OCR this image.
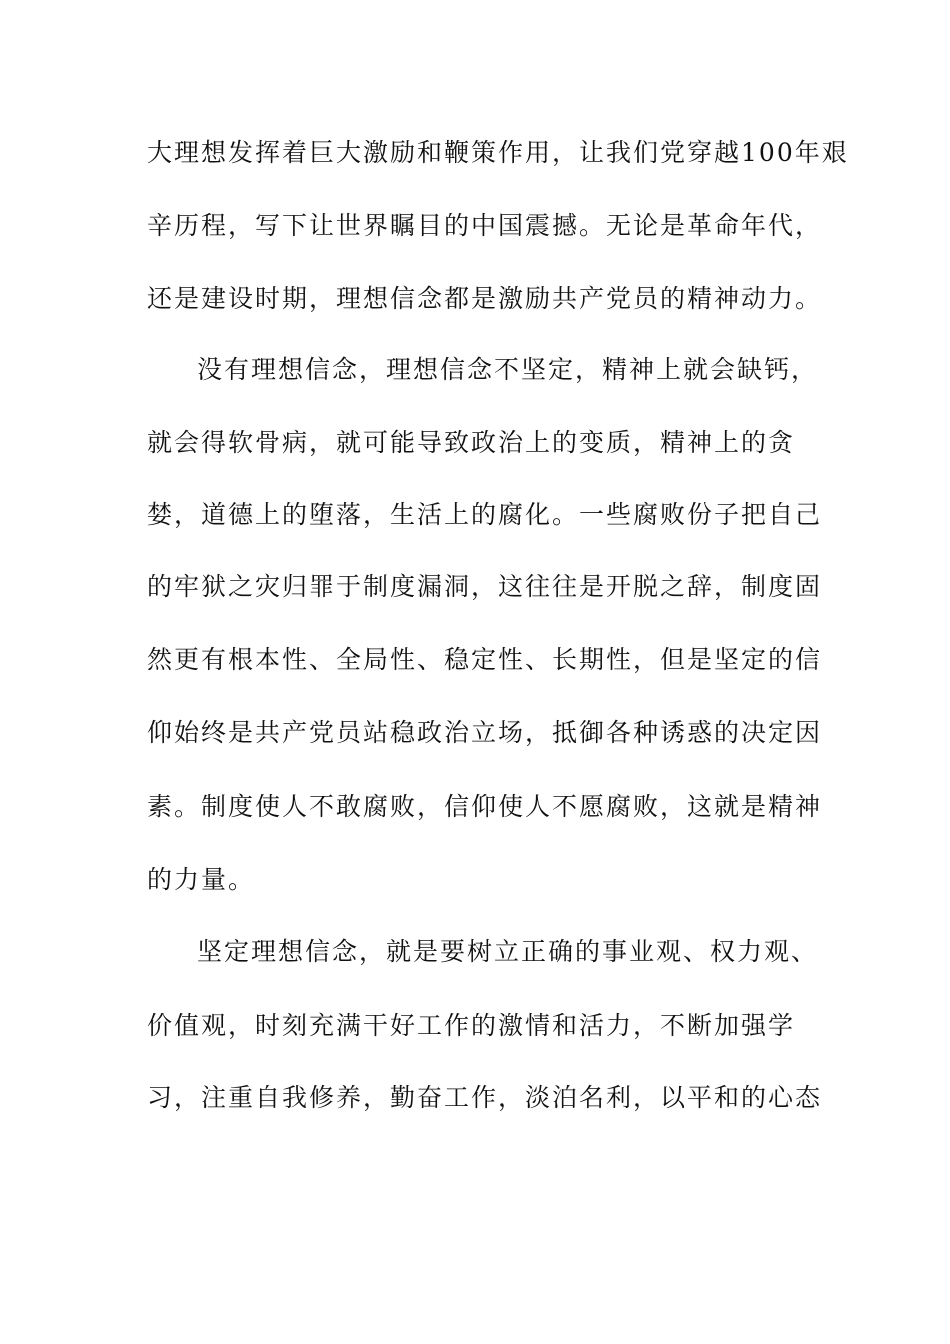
大理想发挥着巨大激励和鞭策作用，让我们党穿越100年艰
辛历程，写下让世界瞩目的中国震撼。无论是革命年代，
还是建设时期，理想信念都是激励共产党员的精神动力。
没有理想信念，理想信念不坚定，精神上就会缺钙，
就会得软骨病，就可能导致政治上的变质，精神上的贪
婪，道德上的堕落，生活上的腐化。一些腐败份子把自己
的牢狱之灾归罪于制度漏洞，这往往是开脱之辞，制度固
然更有根本性、全局性、稳定性、长期性，但是坚定的信
仰始终是共产党员站稳政治立场，抵御各种诱惑的决定因
素。制度使人不敢腐败，信仰使人不愿腐败，这就是精神
的力量。
坚定理想信念，就是要树立正确的事业观、权力观、
价值观，时刻充满干好工作的激情和活力，不断加强学
习，注重自我修养，勤奋工作，淡泊名利，以平和的心态
